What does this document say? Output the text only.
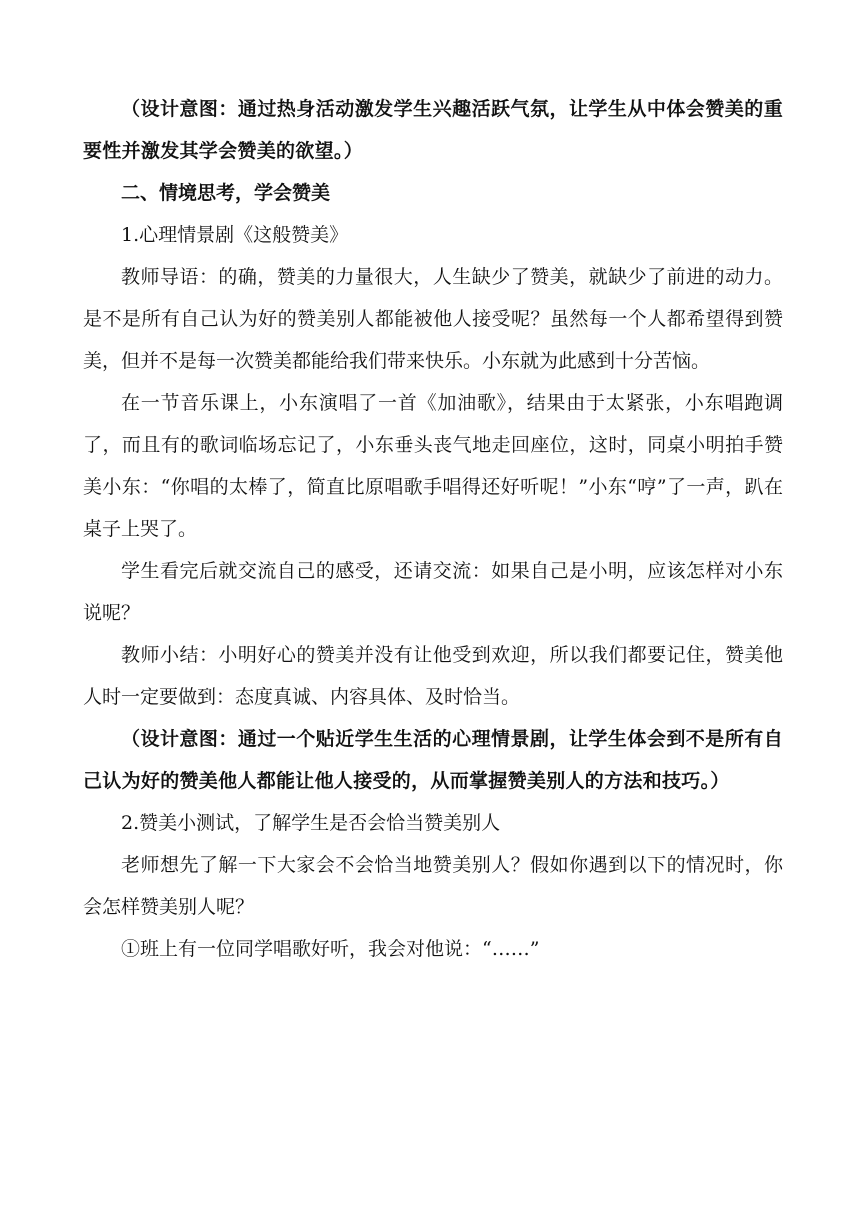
（设计意图：通过热身活动激发学生兴趣活跃气氛，让学生从中体会赞美的重要性并激发其学会赞美的欲望。）

二、情境思考，学会赞美

1.心理情景剧《这般赞美》

教师导语：的确，赞美的力量很大，人生缺少了赞美，就缺少了前进的动力。是不是所有自己认为好的赞美别人都能被他人接受呢？虽然每一个人都希望得到赞美，但并不是每一次赞美都能给我们带来快乐。小东就为此感到十分苦恼。

在一节音乐课上，小东演唱了一首《加油歌》，结果由于太紧张，小东唱跑调了，而且有的歌词临场忘记了，小东垂头丧气地走回座位，这时，同桌小明拍手赞美小东：“你唱的太棒了，简直比原唱歌手唱得还好听呢！”小东“哼”了一声，趴在桌子上哭了。

学生看完后就交流自己的感受，还请交流：如果自己是小明，应该怎样对小东说呢？

教师小结：小明好心的赞美并没有让他受到欢迎，所以我们都要记住，赞美他人时一定要做到：态度真诚、内容具体、及时恰当。

（设计意图：通过一个贴近学生生活的心理情景剧，让学生体会到不是所有自己认为好的赞美他人都能让他人接受的，从而掌握赞美别人的方法和技巧。）

2.赞美小测试，了解学生是否会恰当赞美别人

老师想先了解一下大家会不会恰当地赞美别人？假如你遇到以下的情况时，你会怎样赞美别人呢？

①班上有一位同学唱歌好听，我会对他说：“……”
